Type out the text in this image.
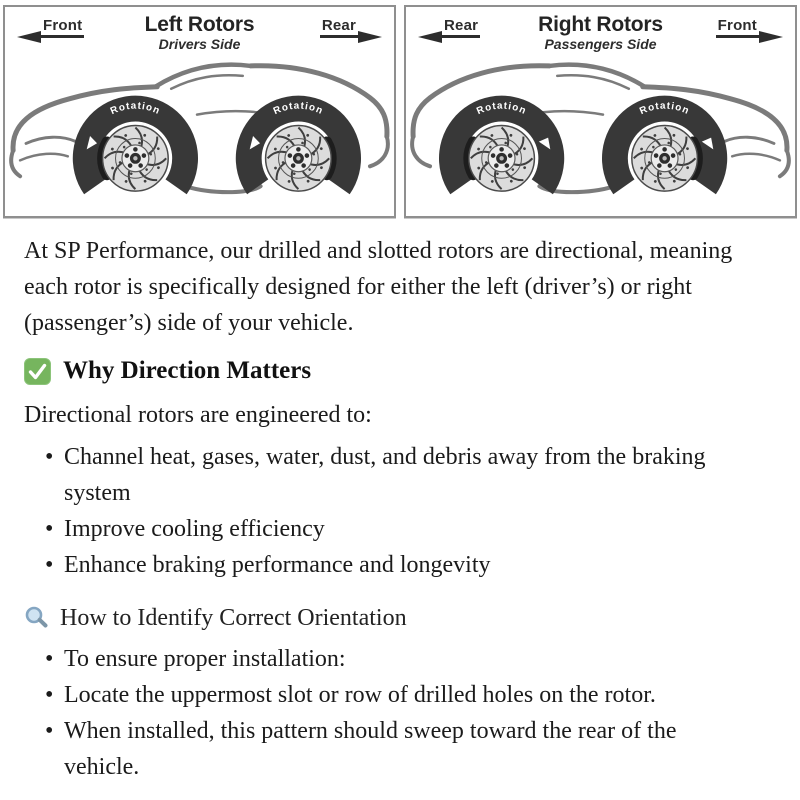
Front	Left Rotors
Drivers Side
Rear
Rotation	Rotation
Rear	Right Rotors
Passengers Side
Front
Rotation	Rotation

At SP Performance, our drilled and slotted rotors are directional, meaning each rotor is specifically designed for either the left (driver’s) or right (passenger’s) side of your vehicle.

Why Direction Matters

Directional rotors are engineered to:

• Channel heat, gases, water, dust, and debris away from the braking system
• Improve cooling efficiency
• Enhance braking performance and longevity
How to Identify Correct Orientation
• To ensure proper installation:
• Locate the uppermost slot or row of drilled holes on the rotor.
• When installed, this pattern should sweep toward the rear of the vehicle.
